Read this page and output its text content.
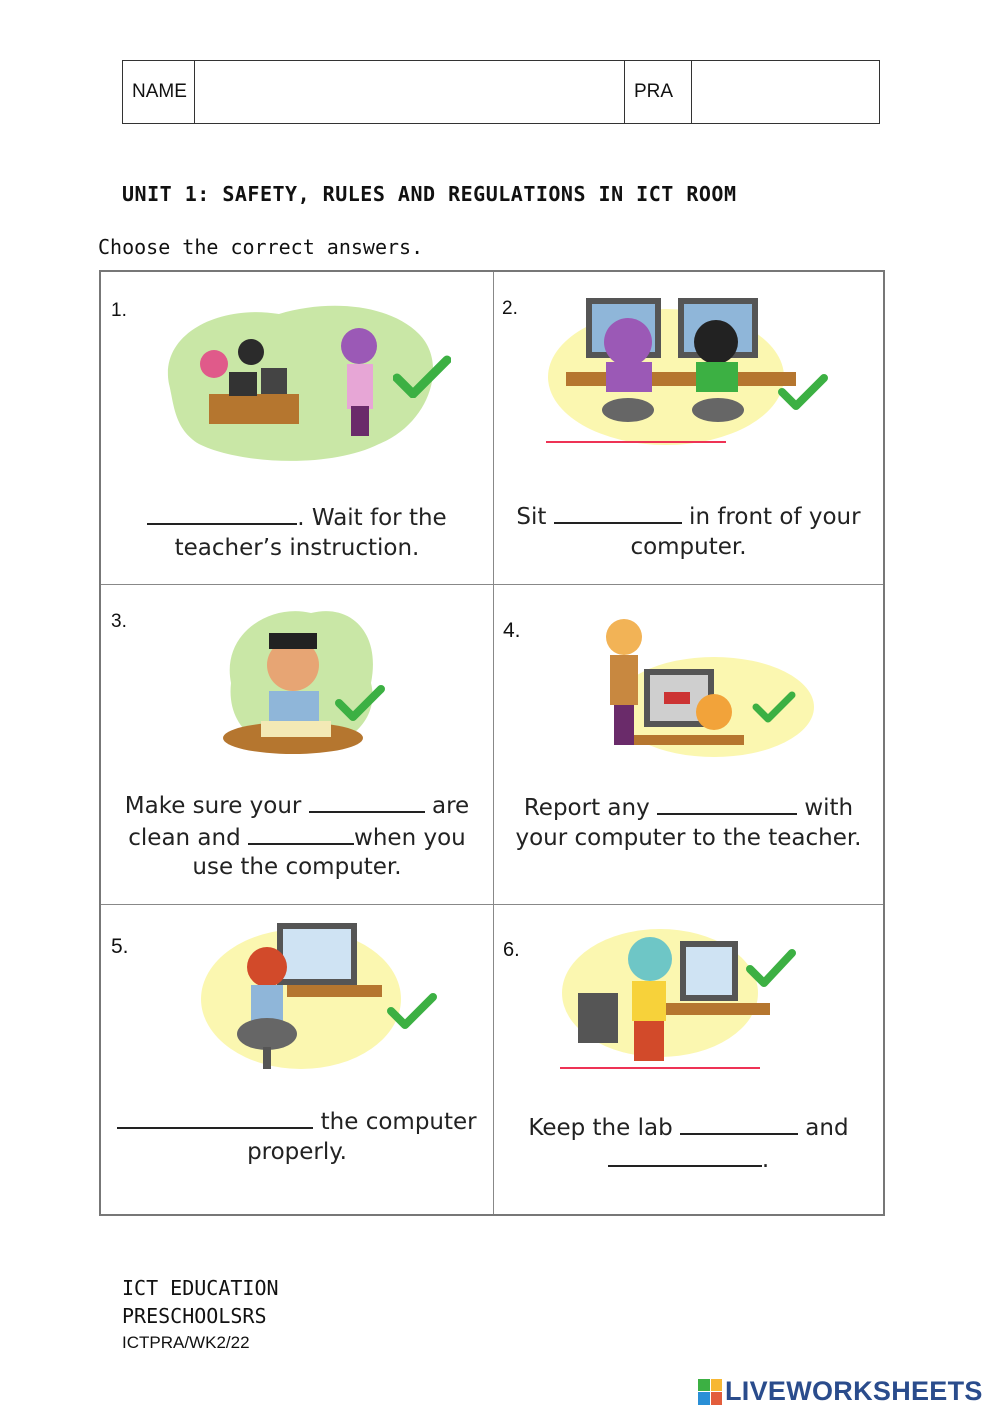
NAME	PRA
UNIT 1: SAFETY, RULES AND REGULATIONS IN ICT ROOM
Choose the correct answers.
1.
. Wait for the
teacher’s instruction.
2.
Sit	in front of your
computer.
3.
Make sure your	are
clean and	when you
use the computer.
4.
Report any	with
your computer to the teacher.
5.
the computer
properly.
6.
Keep the lab	and
.
ICT EDUCATION
PRESCHOOLSRS
ICTPRA/WK2/22
LIVEWORKSHEETS
